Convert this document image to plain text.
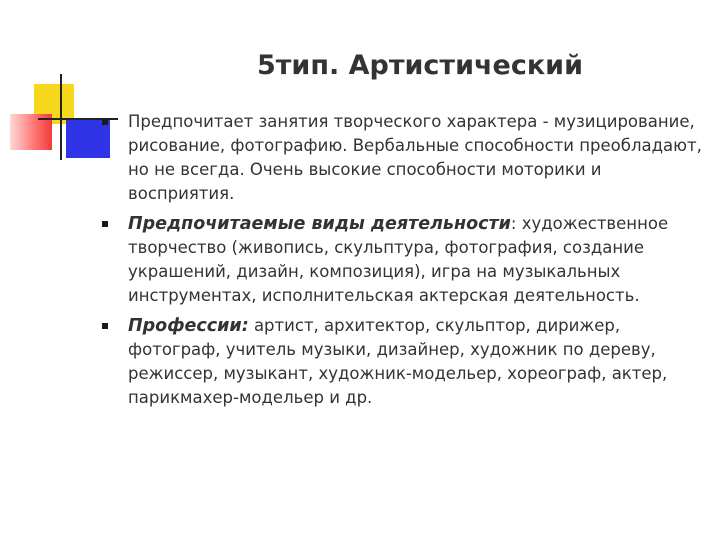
5тип. Артистический
Предпочитает занятия творческого характера - музицирование, рисование, фотографию. Вербальные способности преобладают, но не всегда. Очень высокие способности моторики и восприятия.
Предпочитаемые виды деятельности: художественное творчество (живопись, скульптура, фотография, создание украшений, дизайн, композиция), игра на музыкальных инструментах, исполнительская актерская деятельность.
Профессии: артист, архитектор, скульптор, дирижер, фотограф, учитель музыки, дизайнер, художник по дереву, режиссер, музыкант, художник-модельер, хореограф, актер, парикмахер-модельер и др.
